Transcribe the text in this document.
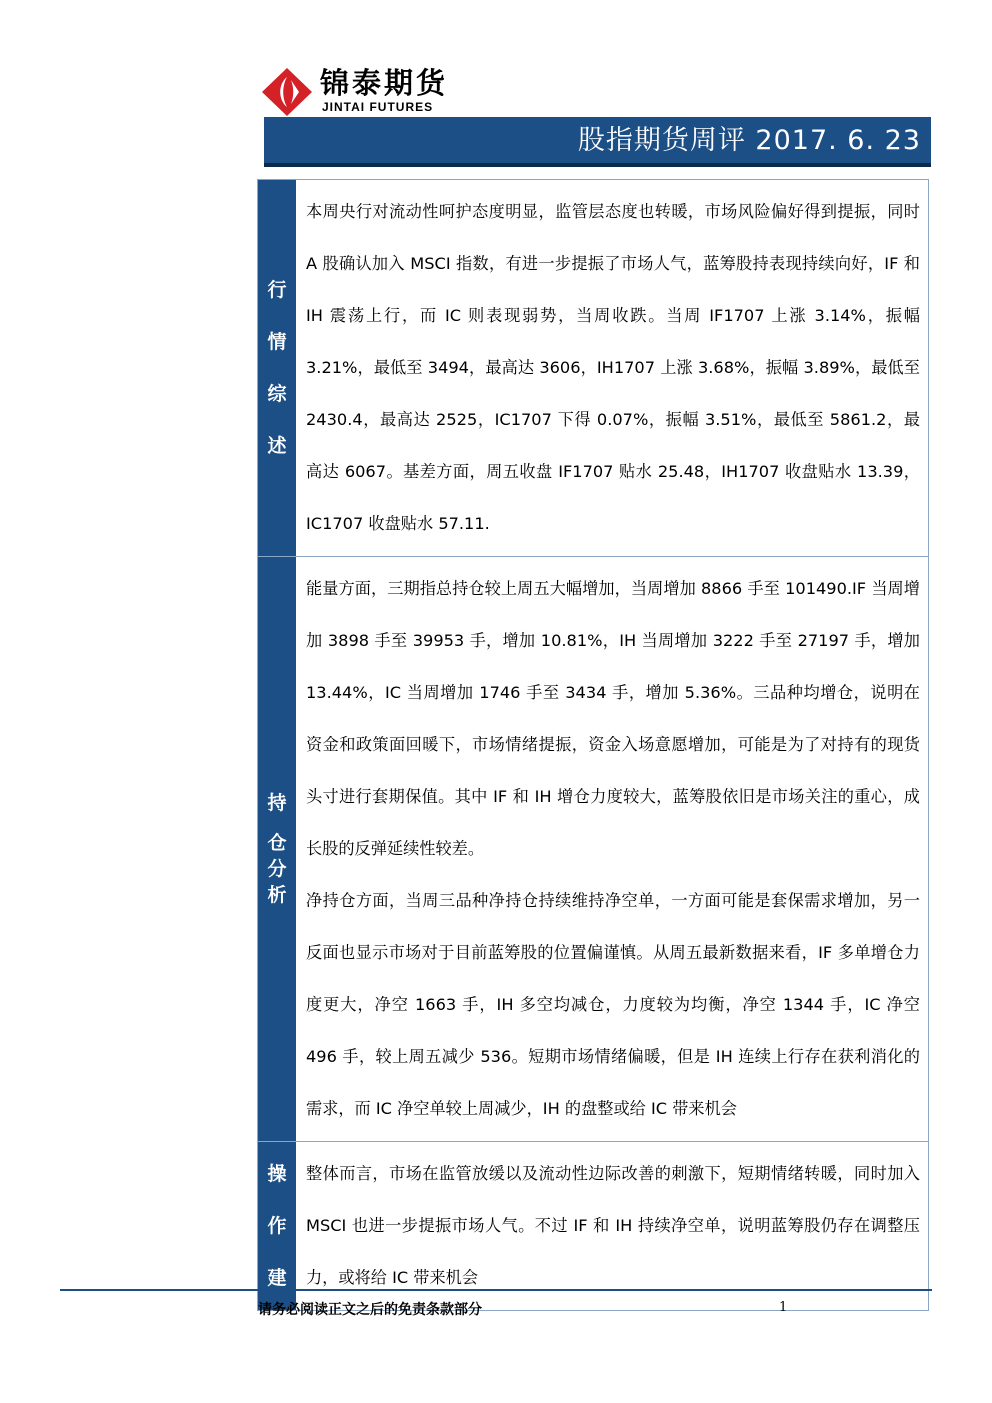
锦泰期货
JINTAI FUTURES
股指期货周评 2017. 6. 23
行
情
综
述

本周央行对流动性呵护态度明显，监管层态度也转暖，市场风险偏好得到提振，同时 A 股确认加入 MSCI 指数，有进一步提振了市场人气，蓝筹股持表现持续向好，IF 和 IH 震荡上行，而 IC 则表现弱势，当周收跌。当周 IF1707 上涨 3.14%，振幅 3.21%，最低至 3494，最高达 3606，IH1707 上涨 3.68%，振幅 3.89%，最低至 2430.4，最高达 2525，IC1707 下得 0.07%，振幅 3.51%，最低至 5861.2，最高达 6067。基差方面，周五收盘 IF1707 贴水 25.48，IH1707 收盘贴水 13.39，IC1707 收盘贴水 57.11.

持
仓
分
析

能量方面，三期指总持仓较上周五大幅增加，当周增加 8866 手至 101490.IF 当周增加 3898 手至 39953 手，增加 10.81%，IH 当周增加 3222 手至 27197 手，增加 13.44%，IC 当周增加 1746 手至 3434 手，增加 5.36%。三品种均增仓，说明在资金和政策面回暖下，市场情绪提振，资金入场意愿增加，可能是为了对持有的现货头寸进行套期保值。其中 IF 和 IH 增仓力度较大，蓝筹股依旧是市场关注的重心，成长股的反弹延续性较差。

净持仓方面，当周三品种净持仓持续维持净空单，一方面可能是套保需求增加，另一反面也显示市场对于目前蓝筹股的位置偏谨慎。从周五最新数据来看，IF 多单增仓力度更大，净空 1663 手，IH 多空均减仓，力度较为均衡，净空 1344 手，IC 净空 496 手，较上周五减少 536。短期市场情绪偏暖，但是 IH 连续上行存在获利消化的需求，而 IC 净空单较上周减少，IH 的盘整或给 IC 带来机会

操
作
建

整体而言，市场在监管放缓以及流动性边际改善的刺激下，短期情绪转暖，同时加入 MSCI 也进一步提振市场人气。不过 IF 和 IH 持续净空单，说明蓝筹股仍存在调整压力，或将给 IC 带来机会

请务必阅读正文之后的免责条款部分	1
